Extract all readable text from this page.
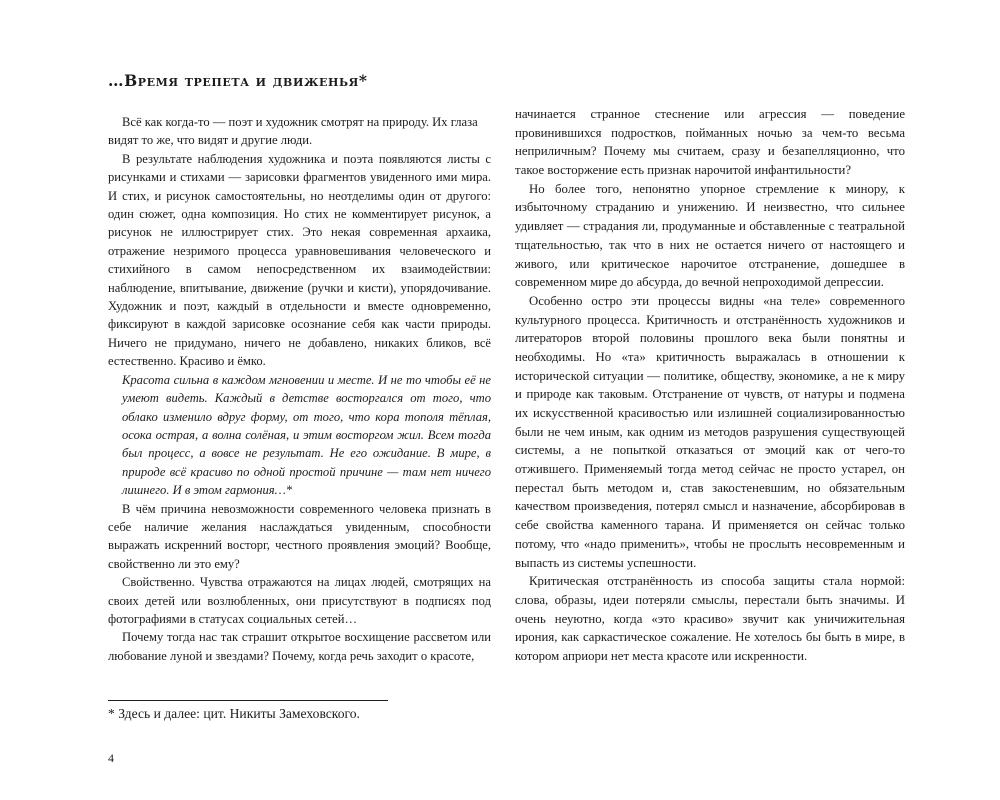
…Время трепета и движенья*

Всё как когда-то — поэт и художник смотрят на природу. Их глаза видят то же, что видят и другие люди.

В результате наблюдения художника и поэта появляются листы с рисунками и стихами — зарисовки фрагментов увиденного ими мира. И стих, и рисунок самостоятельны, но неотделимы один от другого: один сюжет, одна композиция. Но стих не комментирует рисунок, а рисунок не иллюстрирует стих. Это некая современная архаика, отражение незримого процесса уравновешивания человеческого и стихийного в самом непосредственном их взаимодействии: наблюдение, впитывание, движение (ручки и кисти), упорядочивание. Художник и поэт, каждый в отдельности и вместе одновременно, фиксируют в каждой зарисовке осознание себя как части природы. Ничего не придумано, ничего не добавлено, никаких бликов, всё естественно. Красиво и ёмко.

Красота сильна в каждом мгновении и месте. И не то чтобы её не умеют видеть. Каждый в детстве восторгался от того, что облако изменило вдруг форму, от того, что кора тополя тёплая, осока острая, а волна солёная, и этим восторгом жил. Всем тогда был процесс, а вовсе не результат. Не его ожидание. В мире, в природе всё красиво по одной простой причине — там нет ничего лишнего. И в этом гармония…*

В чём причина невозможности современного человека признать в себе наличие желания наслаждаться увиденным, способности выражать искренний восторг, честного проявления эмоций? Вообще, свойственно ли это ему?

Свойственно. Чувства отражаются на лицах людей, смотрящих на своих детей или возлюбленных, они присутствуют в подписях под фотографиями в статусах социальных сетей…

Почему тогда нас так страшит открытое восхищение рассветом или любование луной и звездами? Почему, когда речь заходит о красоте,

начинается странное стеснение или агрессия — поведение провинившихся подростков, пойманных ночью за чем-то весьма неприличным? Почему мы считаем, сразу и безапелляционно, что такое восторжение есть признак нарочитой инфантильности?

Но более того, непонятно упорное стремление к минору, к избыточному страданию и унижению. И неизвестно, что сильнее удивляет — страдания ли, продуманные и обставленные с театральной тщательностью, так что в них не остается ничего от настоящего и живого, или критическое нарочитое отстранение, дошедшее в современном мире до абсурда, до вечной непроходимой депрессии.

Особенно остро эти процессы видны «на теле» современного культурного процесса. Критичность и отстранённость художников и литераторов второй половины прошлого века были понятны и необходимы. Но «та» критичность выражалась в отношении к исторической ситуации — политике, обществу, экономике, а не к миру и природе как таковым. Отстранение от чувств, от натуры и подмена их искусственной красивостью или излишней социализированностью были не чем иным, как одним из методов разрушения существующей системы, а не попыткой отказаться от эмоций как от чего-то отжившего. Применяемый тогда метод сейчас не просто устарел, он перестал быть методом и, став закостеневшим, но обязательным качеством произведения, потерял смысл и назначение, абсорбировав в себе свойства каменного тарана. И применяется он сейчас только потому, что «надо применить», чтобы не прослыть несовременным и выпасть из системы успешности.

Критическая отстранённость из способа защиты стала нормой: слова, образы, идеи потеряли смыслы, перестали быть значимы. И очень неуютно, когда «это красиво» звучит как уничижительная ирония, как саркастическое сожаление. Не хотелось бы быть в мире, в котором априори нет места красоте или искренности.

* Здесь и далее: цит. Никиты Замеховского.

4
